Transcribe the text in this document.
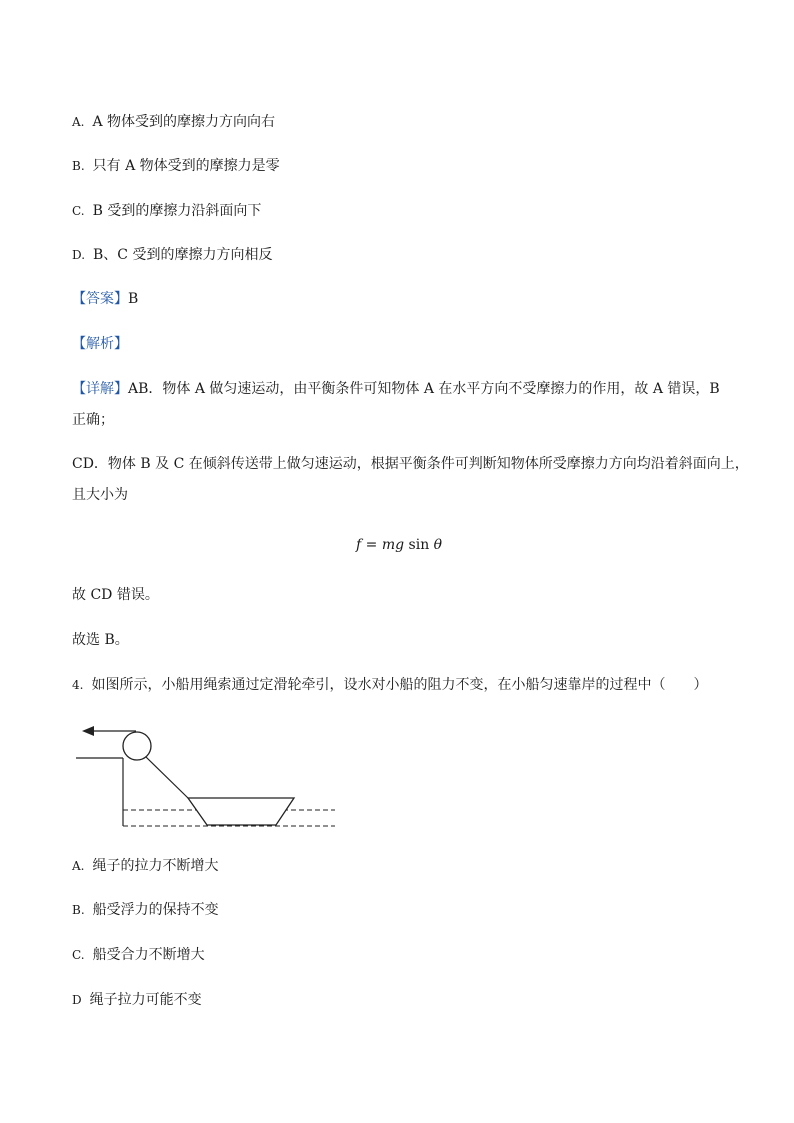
A. A 物体受到的摩擦力方向向右
B. 只有 A 物体受到的摩擦力是零
C. B 受到的摩擦力沿斜面向下
D. B、C 受到的摩擦力方向相反
【答案】B
【解析】
【详解】AB．物体 A 做匀速运动，由平衡条件可知物体 A 在水平方向不受摩擦力的作用，故 A 错误，B
正确；
CD．物体 B 及 C 在倾斜传送带上做匀速运动，根据平衡条件可判断知物体所受摩擦力方向均沿着斜面向上，
且大小为
f = mg sin θ
故 CD 错误。
故选 B。
4. 如图所示，小船用绳索通过定滑轮牵引，设水对小船的阻力不变，在小船匀速靠岸的过程中（　　）
A. 绳子的拉力不断增大
B. 船受浮力的保持不变
C. 船受合力不断增大
D 绳子拉力可能不变
